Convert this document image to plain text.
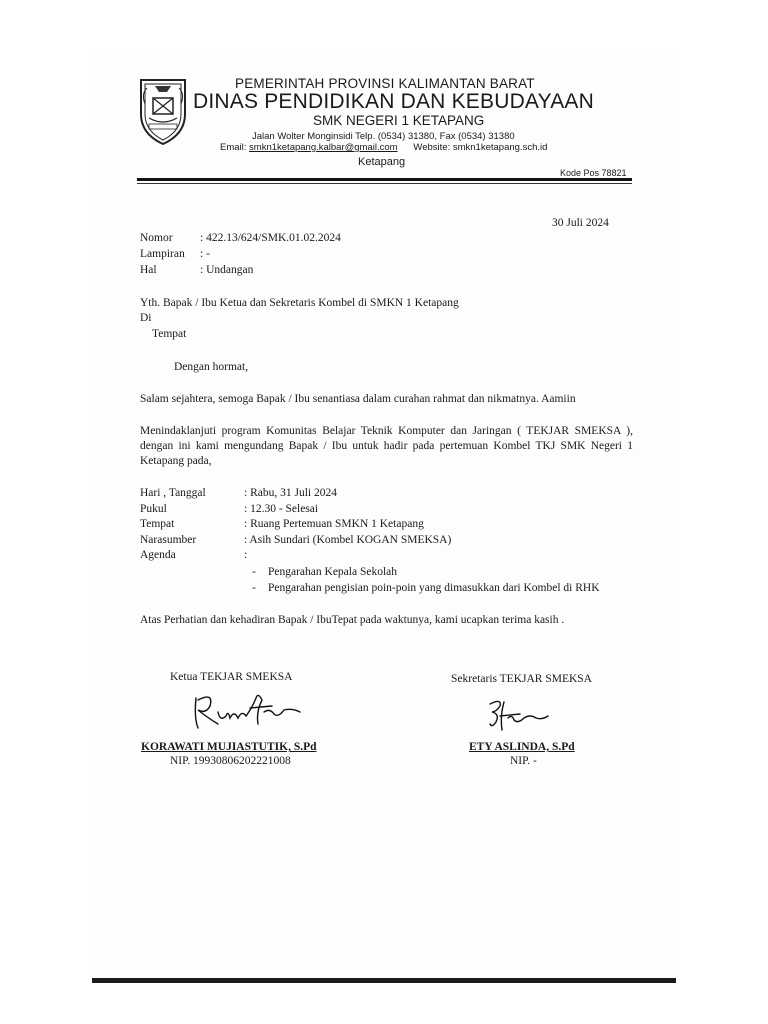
PEMERINTAH PROVINSI KALIMANTAN BARAT
DINAS PENDIDIKAN DAN KEBUDAYAAN
SMK NEGERI 1 KETAPANG
Jalan Wolter Monginsidi Telp. (0534) 31380, Fax (0534) 31380
Email: smkn1ketapang.kalbar@gmail.com Website: smkn1ketapang.sch.id
Ketapang
Kode Pos 78821
30 Juli 2024
Nomor : 422.13/624/SMK.01.02.2024
Lampiran : -
Hal	: Undangan
Yth. Bapak / Ibu Ketua dan Sekretaris Kombel di SMKN 1 Ketapang
Di
Tempat
Dengan hormat,
Salam sejahtera, semoga Bapak / Ibu senantiasa dalam curahan rahmat dan nikmatnya. Aamiin
Menindaklanjuti program Komunitas Belajar Teknik Komputer dan Jaringan ( TEKJAR SMEKSA ),
dengan ini kami mengundang Bapak / Ibu untuk hadir pada pertemuan Kombel TKJ SMK Negeri 1
Ketapang pada,
Hari , Tanggal	: Rabu, 31 Juli 2024
Pukul	: 12.30 - Selesai
Tempat	: Ruang Pertemuan SMKN 1 Ketapang
Narasumber	: Asih Sundari (Kombel KOGAN SMEKSA)
Agenda	:
- Pengarahan Kepala Sekolah
- Pengarahan pengisian poin-poin yang dimasukkan dari Kombel di RHK
Atas Perhatian dan kehadiran Bapak / IbuTepat pada waktunya, kami ucapkan terima kasih .
Ketua TEKJAR SMEKSA	Sekretaris TEKJAR SMEKSA
KORAWATI MUJIASTUTIK, S.Pd	ETY ASLINDA, S.Pd
NIP. 19930806202221008	NIP. -
